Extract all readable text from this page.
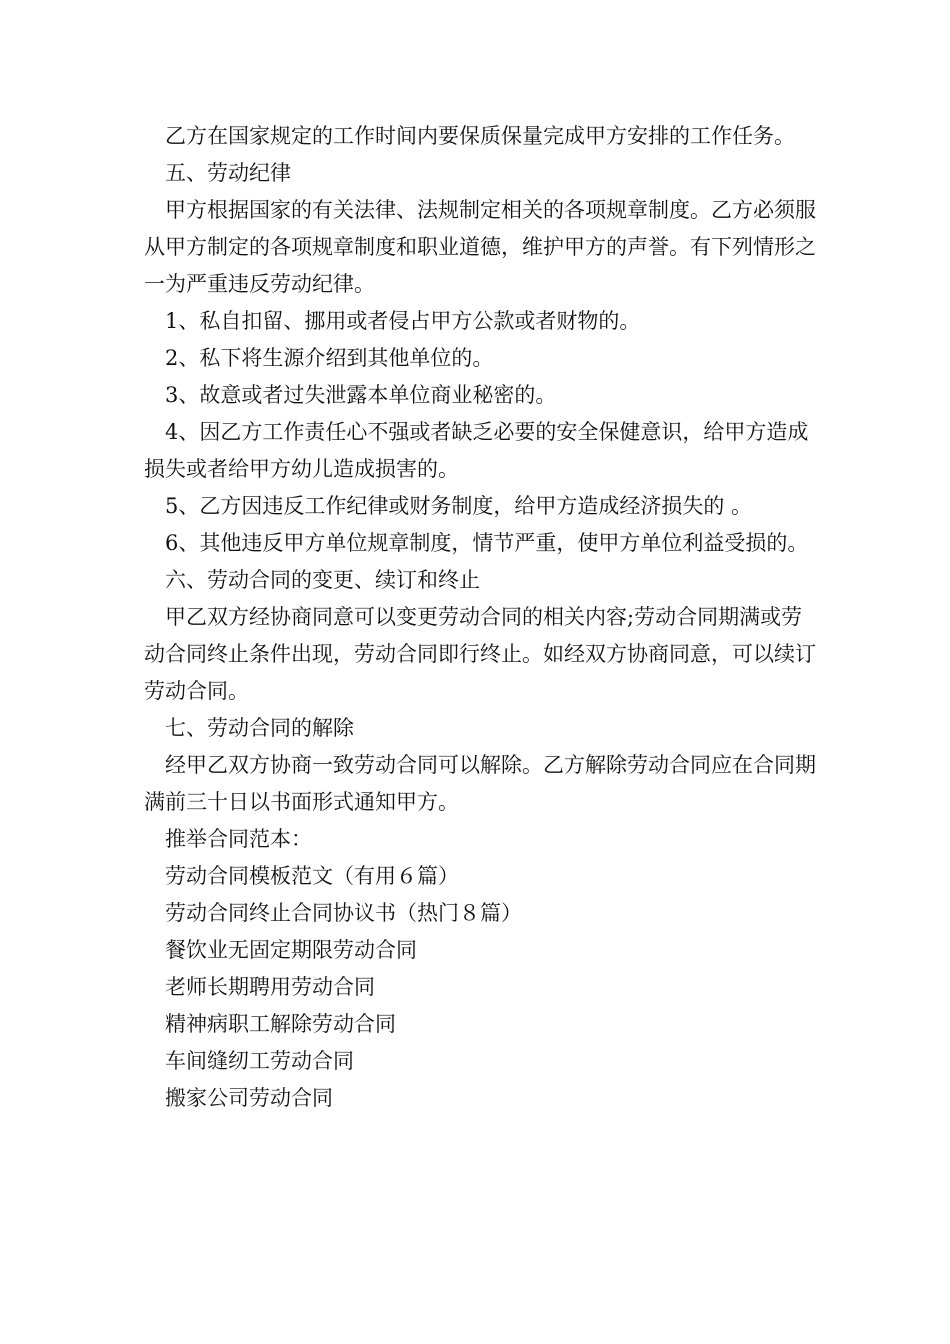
乙方在国家规定的工作时间内要保质保量完成甲方安排的工作任务。

五、劳动纪律

甲方根据国家的有关法律、法规制定相关的各项规章制度。乙方必须服从甲方制定的各项规章制度和职业道德，维护甲方的声誉。有下列情形之一为严重违反劳动纪律。

1、私自扣留、挪用或者侵占甲方公款或者财物的。

2、私下将生源介绍到其他单位的。

3、故意或者过失泄露本单位商业秘密的。

4、因乙方工作责任心不强或者缺乏必要的安全保健意识，给甲方造成损失或者给甲方幼儿造成损害的。

5、乙方因违反工作纪律或财务制度，给甲方造成经济损失的 。

6、其他违反甲方单位规章制度，情节严重，使甲方单位利益受损的。

六、劳动合同的变更、续订和终止

甲乙双方经协商同意可以变更劳动合同的相关内容;劳动合同期满或劳动合同终止条件出现，劳动合同即行终止。如经双方协商同意，可以续订劳动合同。

七、劳动合同的解除

经甲乙双方协商一致劳动合同可以解除。乙方解除劳动合同应在合同期满前三十日以书面形式通知甲方。

推举合同范本：

劳动合同模板范文（有用６篇）

劳动合同终止合同协议书（热门８篇）

餐饮业无固定期限劳动合同

老师长期聘用劳动合同

精神病职工解除劳动合同

车间缝纫工劳动合同

搬家公司劳动合同
